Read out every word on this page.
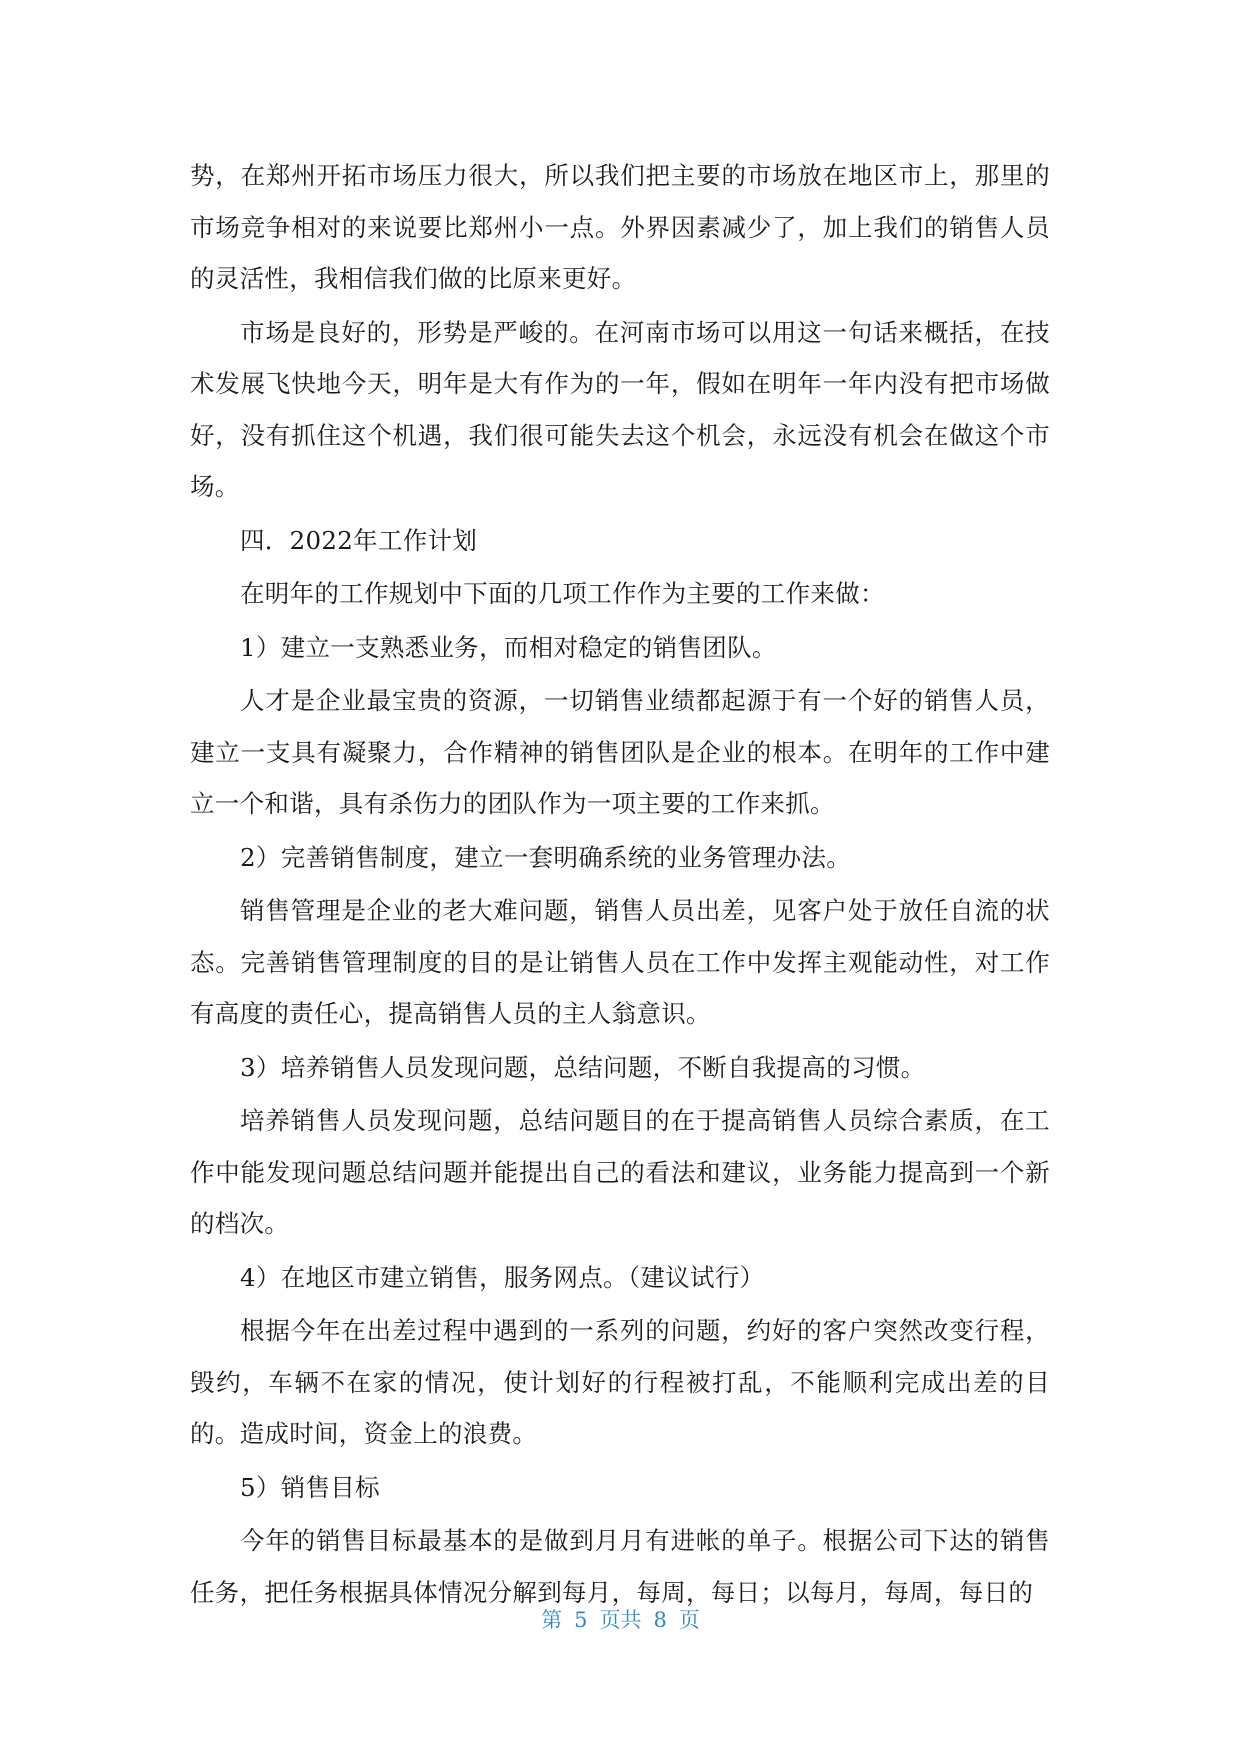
势，在郑州开拓市场压力很大，所以我们把主要的市场放在地区市上，那里的市场竞争相对的来说要比郑州小一点。外界因素减少了，加上我们的销售人员的灵活性，我相信我们做的比原来更好。

市场是良好的，形势是严峻的。在河南市场可以用这一句话来概括，在技术发展飞快地今天，明年是大有作为的一年，假如在明年一年内没有把市场做好，没有抓住这个机遇，我们很可能失去这个机会，永远没有机会在做这个市场。

四．2022年工作计划

在明年的工作规划中下面的几项工作作为主要的工作来做：

1）建立一支熟悉业务，而相对稳定的销售团队。

人才是企业最宝贵的资源，一切销售业绩都起源于有一个好的销售人员，建立一支具有凝聚力，合作精神的销售团队是企业的根本。在明年的工作中建立一个和谐，具有杀伤力的团队作为一项主要的工作来抓。

2）完善销售制度，建立一套明确系统的业务管理办法。

销售管理是企业的老大难问题，销售人员出差，见客户处于放任自流的状态。完善销售管理制度的目的是让销售人员在工作中发挥主观能动性，对工作有高度的责任心，提高销售人员的主人翁意识。

3）培养销售人员发现问题，总结问题，不断自我提高的习惯。

培养销售人员发现问题，总结问题目的在于提高销售人员综合素质，在工作中能发现问题总结问题并能提出自己的看法和建议，业务能力提高到一个新的档次。

4）在地区市建立销售，服务网点。（建议试行）

根据今年在出差过程中遇到的一系列的问题，约好的客户突然改变行程，毁约，车辆不在家的情况，使计划好的行程被打乱，不能顺利完成出差的目的。造成时间，资金上的浪费。

5）销售目标

今年的销售目标最基本的是做到月月有进帐的单子。根据公司下达的销售任务，把任务根据具体情况分解到每月，每周，每日；以每月，每周，每日的

第 5 页共 8 页
